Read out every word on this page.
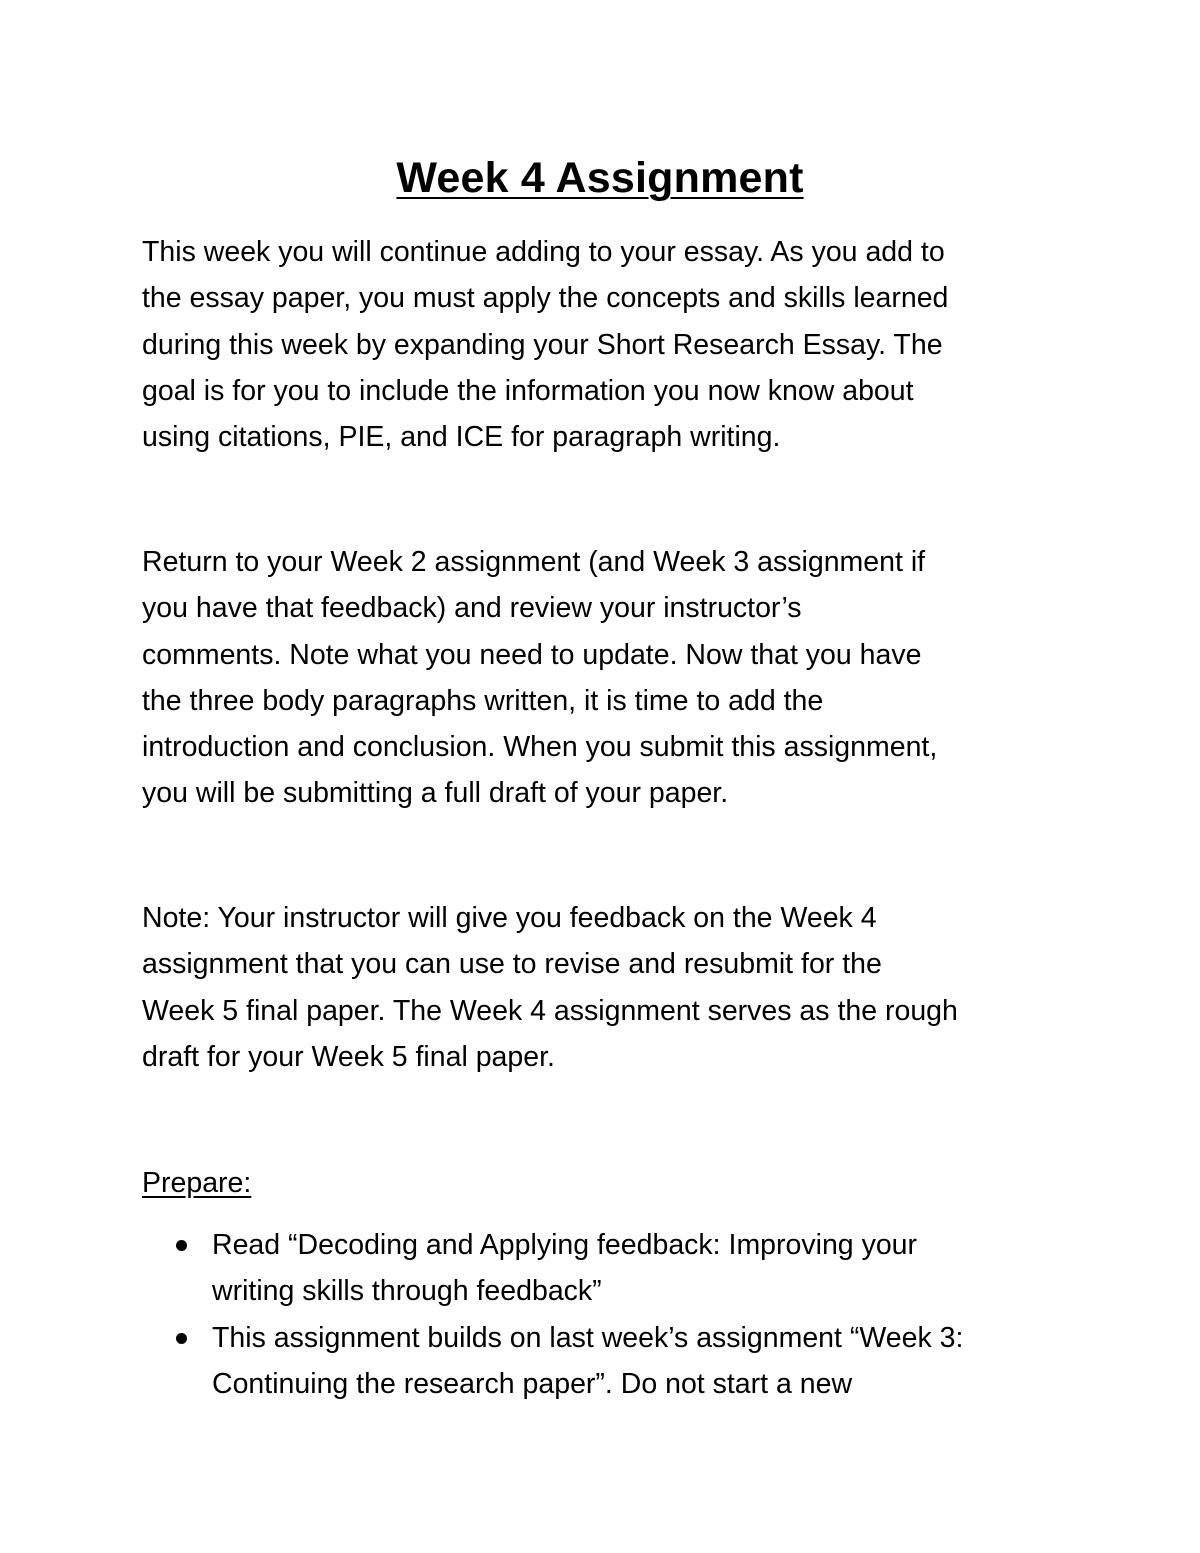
Week 4 Assignment

This week you will continue adding to your essay. As you add to
the essay paper, you must apply the concepts and skills learned
during this week by expanding your Short Research Essay. The
goal is for you to include the information you now know about
using citations, PIE, and ICE for paragraph writing.

Return to your Week 2 assignment (and Week 3 assignment if
you have that feedback) and review your instructor’s
comments. Note what you need to update. Now that you have
the three body paragraphs written, it is time to add the
introduction and conclusion. When you submit this assignment,
you will be submitting a full draft of your paper.

Note: Your instructor will give you feedback on the Week 4
assignment that you can use to revise and resubmit for the
Week 5 final paper. The Week 4 assignment serves as the rough
draft for your Week 5 final paper.

Prepare:
Read “Decoding and Applying feedback: Improving your
writing skills through feedback”
This assignment builds on last week’s assignment “Week 3:
Continuing the research paper”. Do not start a new
